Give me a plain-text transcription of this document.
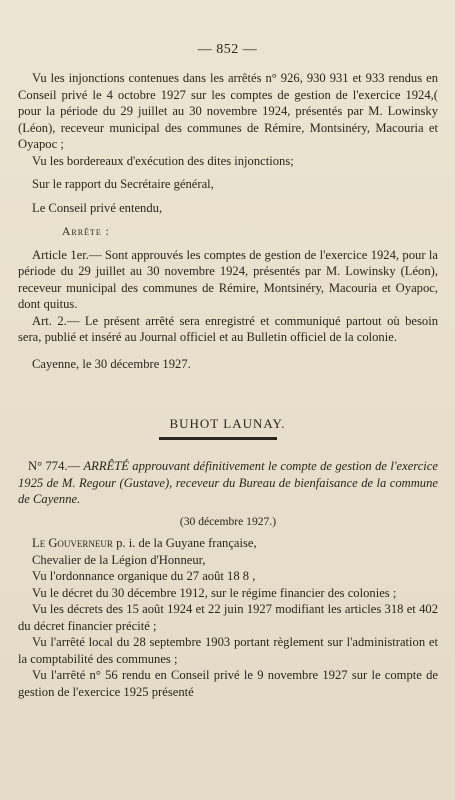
— 852 —

Vu les injonctions contenues dans les arrêtés n° 926, 930 931 et 933 rendus en Conseil privé le 4 octobre 1927 sur les comptes de gestion de l'exercice 1924,( pour la période du 29 juillet au 30 novembre 1924, présentés par M. Lowinsky (Léon), receveur municipal des communes de Rémire, Montsinéry, Macouria et Oyapoc ;

Vu les bordereaux d'exécution des dites injonctions;

Sur le rapport du Secrétaire général,

Le Conseil privé entendu,

Arrête :

Article 1er.— Sont approuvés les comptes de gestion de l'exercice 1924, pour la période du 29 juillet au 30 novembre 1924, présentés par M. Lowinsky (Léon), receveur municipal des communes de Rémire, Montsinéry, Macouria et Oyapoc, dont quitus.

Art. 2.— Le présent arrêté sera enregistré et communiqué partout où besoin sera, publié et inséré au Journal officiel et au Bulletin officiel de la colonie.

Cayenne, le 30 décembre 1927.
BUHOT LAUNAY.

N° 774.— ARRÊTÉ approuvant définitivement le compte de gestion de l'exercice 1925 de M. Regour (Gustave), receveur du Bureau de bienfaisance de la commune de Cayenne.

(30 décembre 1927.)

Le Gouverneur p. i. de la Guyane française,

Chevalier de la Légion d'Honneur,

Vu l'ordonnance organique du 27 août 18 8 ,

Vu le décret du 30 décembre 1912, sur le régime financier des colonies ;

Vu les décrets des 15 août 1924 et 22 juin 1927 modifiant les articles 318 et 402 du décret financier précité ;

Vu l'arrêté local du 28 septembre 1903 portant règlement sur l'administration et la comptabilité des communes ;

Vu l'arrêté n° 56 rendu en Conseil privé le 9 novembre 1927 sur le compte de gestion de l'exercice 1925 présenté
